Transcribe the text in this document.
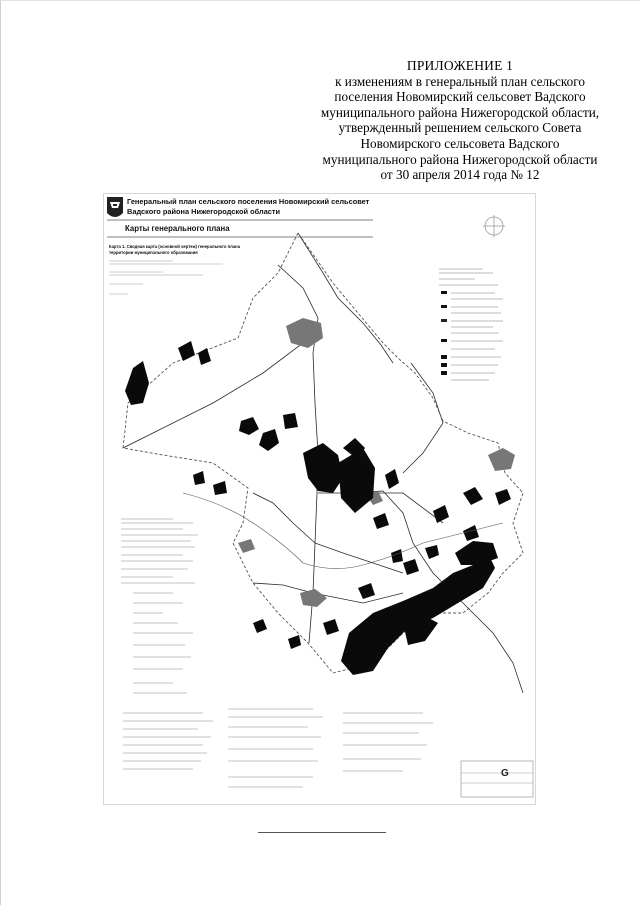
ПРИЛОЖЕНИЕ 1
к изменениям в генеральный план сельского
поселения Новомирский сельсовет Вадского
муниципального района Нижегородской области,
утвержденный решением сельского Совета
Новомирского сельсовета Вадского
муниципального района Нижегородской области
от 30 апреля 2014 года № 12
Генеральный план сельского поселения Новомирский сельсовет
Вадского района Нижегородской области
Карты генерального плана
Карта 1. Сводная карта (основной чертеж) генерального плана
территории муниципального образования
G
